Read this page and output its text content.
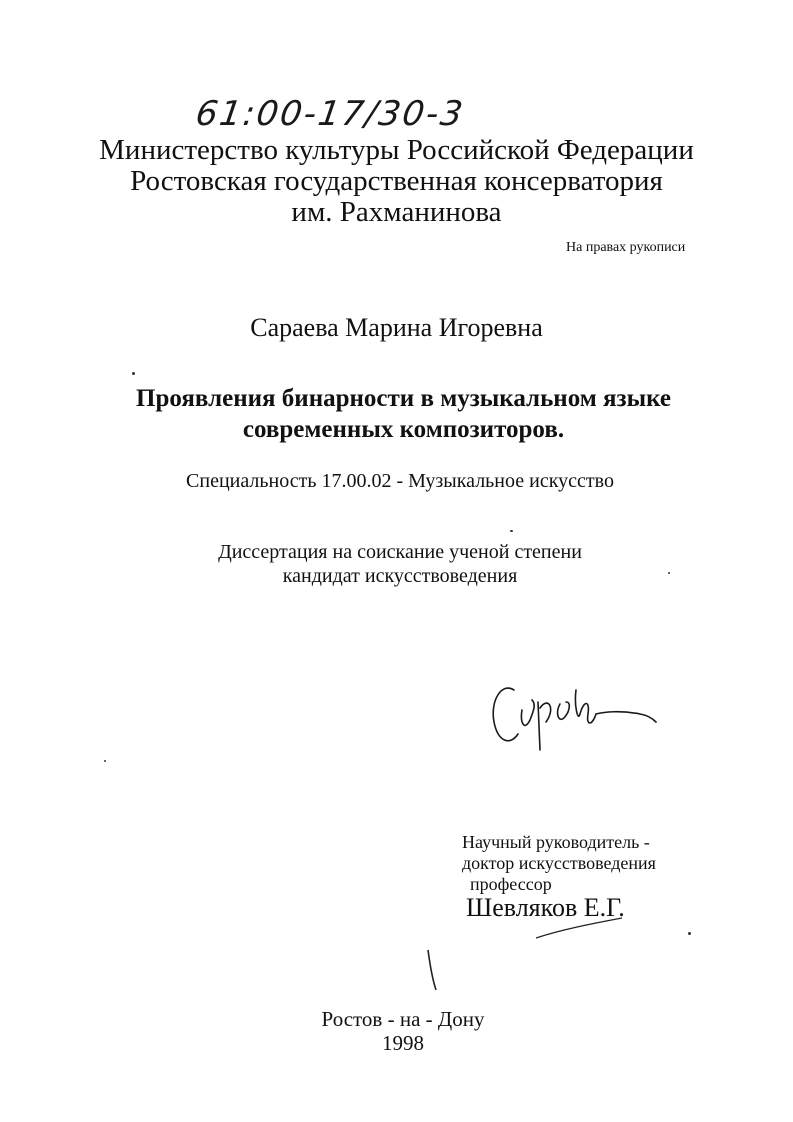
61:00-17/30-3
Министерство культуры Российской Федерации
Ростовская государственная консерватория
им. Рахманинова
На правах рукописи
Сараева Марина Игоревна
Проявления бинарности в музыкальном языке
современных композиторов.
Специальность 17.00.02 - Музыкальное искусство
Диссертация на соискание ученой степени
кандидат искусствоведения
Научный руководитель -
доктор искусствоведения
профессор
Шевляков Е.Г.
Ростов - на - Дону
1998
